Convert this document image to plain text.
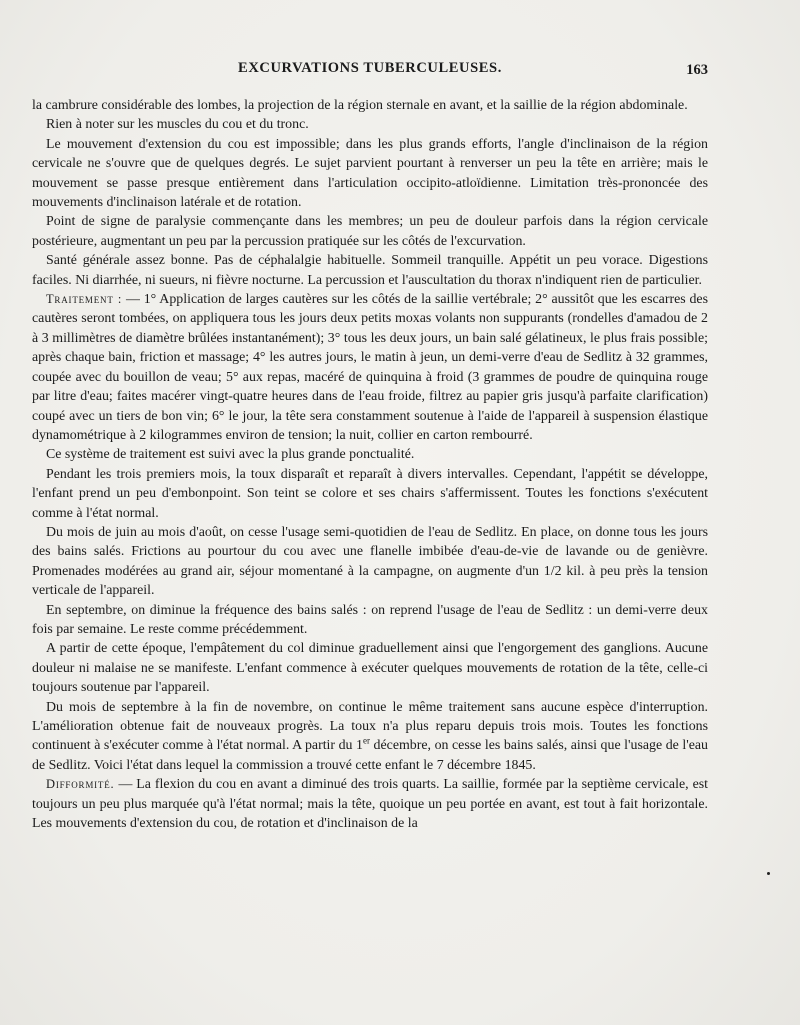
EXCURVATIONS TUBERCULEUSES.	163

la cambrure considérable des lombes, la projection de la région sternale en avant, et la saillie de la région abdominale.

Rien à noter sur les muscles du cou et du tronc.

Le mouvement d'extension du cou est impossible; dans les plus grands efforts, l'angle d'inclinaison de la région cervicale ne s'ouvre que de quelques degrés. Le sujet parvient pourtant à renverser un peu la tête en arrière; mais le mouvement se passe presque entièrement dans l'articulation occipito-atloïdienne. Limitation très-prononcée des mouvements d'inclinaison latérale et de rotation.

Point de signe de paralysie commençante dans les membres; un peu de douleur parfois dans la région cervicale postérieure, augmentant un peu par la percussion pratiquée sur les côtés de l'excurvation.

Santé générale assez bonne. Pas de céphalalgie habituelle. Sommeil tranquille. Appétit un peu vorace. Digestions faciles. Ni diarrhée, ni sueurs, ni fièvre nocturne. La percussion et l'auscultation du thorax n'indiquent rien de particulier.

Traitement : — 1° Application de larges cautères sur les côtés de la saillie vertébrale; 2° aussitôt que les escarres des cautères seront tombées, on appliquera tous les jours deux petits moxas volants non suppurants (rondelles d'amadou de 2 à 3 millimètres de diamètre brûlées instantanément); 3° tous les deux jours, un bain salé gélatineux, le plus frais possible; après chaque bain, friction et massage; 4° les autres jours, le matin à jeun, un demi-verre d'eau de Sedlitz à 32 grammes, coupée avec du bouillon de veau; 5° aux repas, macéré de quinquina à froid (3 grammes de poudre de quinquina rouge par litre d'eau; faites macérer vingt-quatre heures dans de l'eau froide, filtrez au papier gris jusqu'à parfaite clarification) coupé avec un tiers de bon vin; 6° le jour, la tête sera constamment soutenue à l'aide de l'appareil à suspension élastique dynamométrique à 2 kilogrammes environ de tension; la nuit, collier en carton rembourré.

Ce système de traitement est suivi avec la plus grande ponctualité.

Pendant les trois premiers mois, la toux disparaît et reparaît à divers intervalles. Cependant, l'appétit se développe, l'enfant prend un peu d'embonpoint. Son teint se colore et ses chairs s'affermissent. Toutes les fonctions s'exécutent comme à l'état normal.

Du mois de juin au mois d'août, on cesse l'usage semi-quotidien de l'eau de Sedlitz. En place, on donne tous les jours des bains salés. Frictions au pourtour du cou avec une flanelle imbibée d'eau-de-vie de lavande ou de genièvre. Promenades modérées au grand air, séjour momentané à la campagne, on augmente d'un 1/2 kil. à peu près la tension verticale de l'appareil.

En septembre, on diminue la fréquence des bains salés : on reprend l'usage de l'eau de Sedlitz : un demi-verre deux fois par semaine. Le reste comme précédemment.

A partir de cette époque, l'empâtement du col diminue graduellement ainsi que l'engorgement des ganglions. Aucune douleur ni malaise ne se manifeste. L'enfant commence à exécuter quelques mouvements de rotation de la tête, celle-ci toujours soutenue par l'appareil.

Du mois de septembre à la fin de novembre, on continue le même traitement sans aucune espèce d'interruption. L'amélioration obtenue fait de nouveaux progrès. La toux n'a plus reparu depuis trois mois. Toutes les fonctions continuent à s'exécuter comme à l'état normal. A partir du 1er décembre, on cesse les bains salés, ainsi que l'usage de l'eau de Sedlitz. Voici l'état dans lequel la commission a trouvé cette enfant le 7 décembre 1845.

Difformité. — La flexion du cou en avant a diminué des trois quarts. La saillie, formée par la septième cervicale, est toujours un peu plus marquée qu'à l'état normal; mais la tête, quoique un peu portée en avant, est tout à fait horizontale. Les mouvements d'extension du cou, de rotation et d'inclinaison de la
